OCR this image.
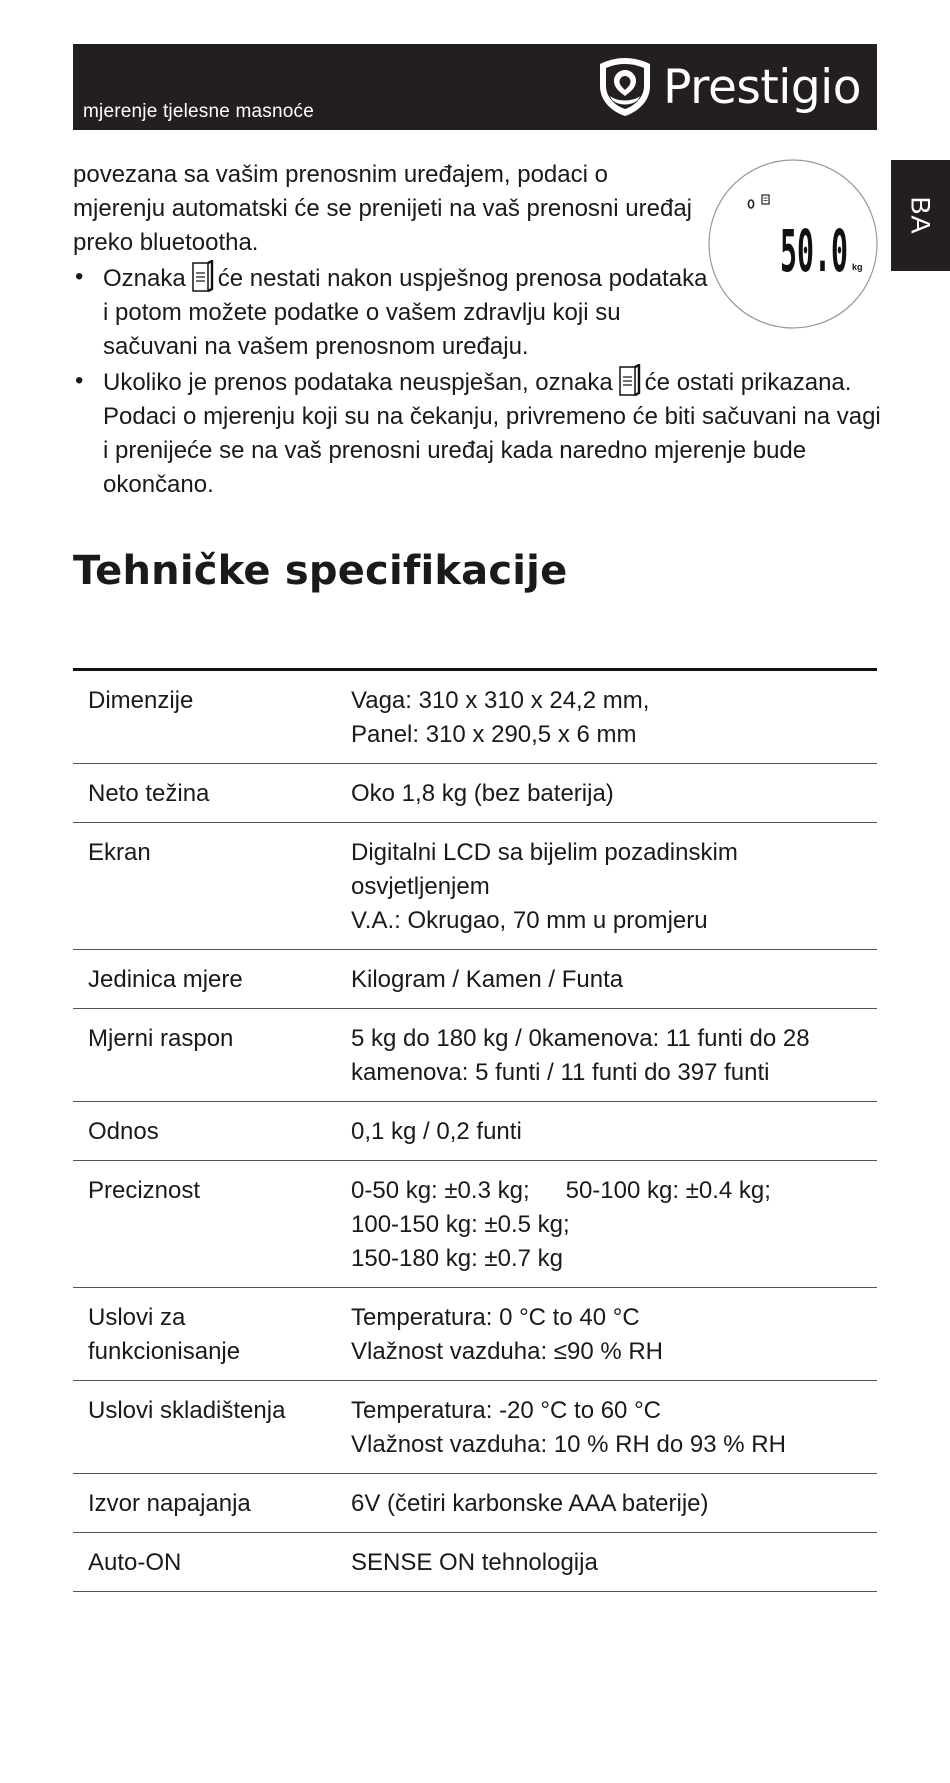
mjerenje tjelesne masnoće	Prestigio
BA
50.0 kg

povezana sa vašim prenosnim uređajem, podaci o mjerenju automatski će se prenijeti na vaš prenosni uređaj preko bluetootha.

• Oznaka će nestati nakon uspješnog prenosa podataka i potom možete podatke o vašem zdravlju koji su sačuvani na vašem prenosnom uređaju.
• Ukoliko je prenos podataka neuspješan, oznaka će ostati prikazana. Podaci o mjerenju koji su na čekanju, privremeno će biti sačuvani na vagi i prenijeće se na vaš prenosni uređaj kada naredno mjerenje bude okončano.
Tehničke specifikacije
Dimenzije	Vaga: 310 x 310 x 24,2 mm,
Panel: 310 x 290,5 x 6 mm

Neto težina	Oko 1,8 kg (bez baterija)

Ekran	Digitalni LCD sa bijelim pozadinskim osvjetljenjem
V.A.: Okrugao, 70 mm u promjeru

Jedinica mjere	Kilogram / Kamen / Funta

Mjerni raspon	5 kg do 180 kg / 0kamenova: 11 funti do 28 kamenova: 5 funti / 11 funti do 397 funti

Odnos	0,1 kg / 0,2 funti

Preciznost	0-50 kg: ±0.3 kg; 50-100 kg: ±0.4 kg;
100-150 kg: ±0.5 kg;
150-180 kg: ±0.7 kg

Uslovi za funkcionisanje	Temperatura: 0 °C to 40 °C
Vlažnost vazduha: ≤90 % RH

Uslovi skladištenja	Temperatura: -20 °C to 60 °C
Vlažnost vazduha: 10 % RH do 93 % RH

Izvor napajanja	6V (četiri karbonske AAA baterije)

Auto-ON	SENSE ON tehnologija
